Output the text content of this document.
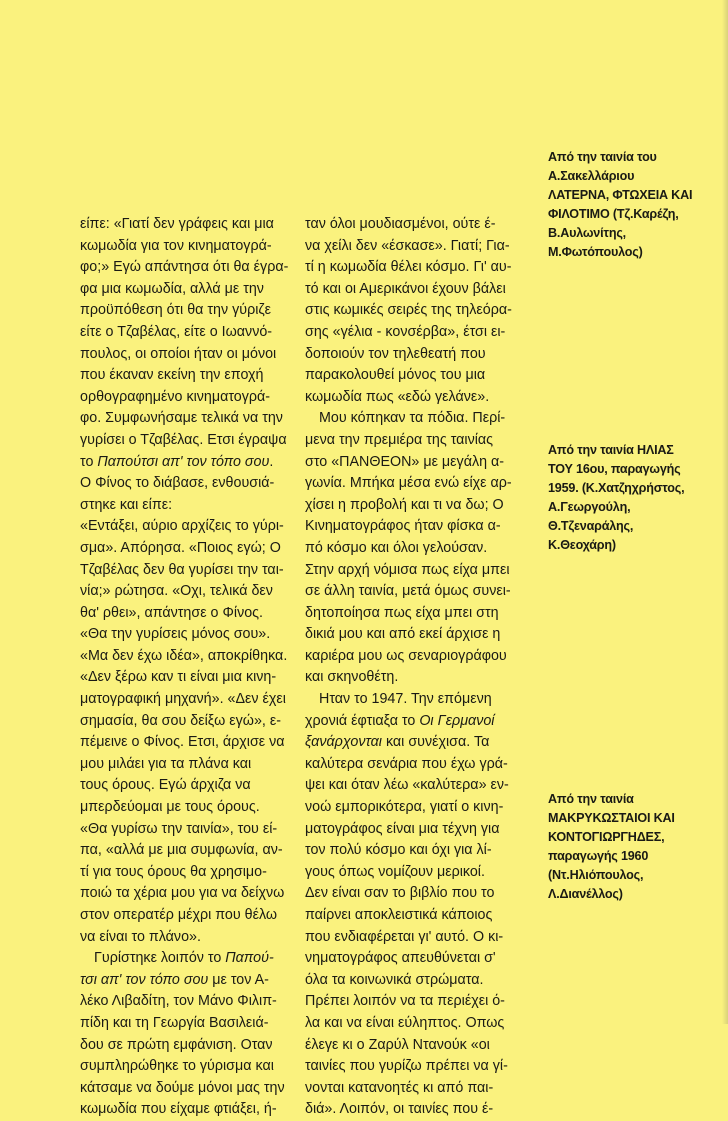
είπε: «Γιατί δεν γράφεις και μια
κωμωδία για τον κινηματογρά-
φο;» Εγώ απάντησα ότι θα έγρα-
φα μια κωμωδία, αλλά με την
προϋπόθεση ότι θα την γύριζε
είτε ο Τζαβέλας, είτε ο Ιωαννό-
πουλος, οι οποίοι ήταν οι μόνοι
που έκαναν εκείνη την εποχή
ορθογραφημένο κινηματογρά-
φο. Συμφωνήσαμε τελικά να την
γυρίσει ο Τζαβέλας. Ετσι έγραψα
το Παπούτσι απ' τον τόπο σου.
Ο Φίνος το διάβασε, ενθουσιά-
στηκε και είπε:
«Εντάξει, αύριο αρχίζεις το γύρι-
σμα». Απόρησα. «Ποιος εγώ; Ο
Τζαβέλας δεν θα γυρίσει την ται-
νία;» ρώτησα. «Οχι, τελικά δεν
θα' ρθει», απάντησε ο Φίνος.
«Θα την γυρίσεις μόνος σου».
«Μα δεν έχω ιδέα», αποκρίθηκα.
«Δεν ξέρω καν τι είναι μια κινη-
ματογραφική μηχανή». «Δεν έχει
σημασία, θα σου δείξω εγώ», ε-
πέμεινε ο Φίνος. Ετσι, άρχισε να
μου μιλάει για τα πλάνα και
τους όρους. Εγώ άρχιζα να
μπερδεύομαι με τους όρους.
«Θα γυρίσω την ταινία», του εί-
πα, «αλλά με μια συμφωνία, αν-
τί για τους όρους θα χρησιμο-
ποιώ τα χέρια μου για να δείχνω
στον οπερατέρ μέχρι που θέλω
να είναι το πλάνο».
Γυρίστηκε λοιπόν το Παπού-
τσι απ' τον τόπο σου με τον Α-
λέκο Λιβαδίτη, τον Μάνο Φιλιπ-
πίδη και τη Γεωργία Βασιλειά-
δου σε πρώτη εμφάνιση. Οταν
συμπληρώθηκε το γύρισμα και
κάτσαμε να δούμε μόνοι μας την
κωμωδία που είχαμε φτιάξει, ή-
ταν όλοι μουδιασμένοι, ούτε έ-
να χείλι δεν «έσκασε». Γιατί; Για-
τί η κωμωδία θέλει κόσμο. Γι' αυ-
τό και οι Αμερικάνοι έχουν βάλει
στις κωμικές σειρές της τηλεόρα-
σης «γέλια - κονσέρβα», έτσι ει-
δοποιούν τον τηλεθεατή που
παρακολουθεί μόνος του μια
κωμωδία πως «εδώ γελάνε».
Μου κόπηκαν τα πόδια. Περί-
μενα την πρεμιέρα της ταινίας
στο «ΠΑΝΘΕΟΝ» με μεγάλη α-
γωνία. Μπήκα μέσα ενώ είχε αρ-
χίσει η προβολή και τι να δω; Ο
Κινηματογράφος ήταν φίσκα α-
πό κόσμο και όλοι γελούσαν.
Στην αρχή νόμισα πως είχα μπει
σε άλλη ταινία, μετά όμως συνει-
δητοποίησα πως είχα μπει στη
δικιά μου και από εκεί άρχισε η
καριέρα μου ως σεναριογράφου
και σκηνοθέτη.
Ηταν το 1947. Την επόμενη
χρονιά έφτιαξα το Οι Γερμανοί
ξανάρχονται και συνέχισα. Τα
καλύτερα σενάρια που έχω γρά-
ψει και όταν λέω «καλύτερα» εν-
νοώ εμπορικότερα, γιατί ο κινη-
ματογράφος είναι μια τέχνη για
τον πολύ κόσμο και όχι για λί-
γους όπως νομίζουν μερικοί.
Δεν είναι σαν το βιβλίο που το
παίρνει αποκλειστικά κάποιος
που ενδιαφέρεται γι' αυτό. Ο κι-
νηματογράφος απευθύνεται σ'
όλα τα κοινωνικά στρώματα.
Πρέπει λοιπόν να τα περιέχει ό-
λα και να είναι εύληπτος. Οπως
έλεγε κι ο Ζαρύλ Ντανούκ «οι
ταινίες που γυρίζω πρέπει να γί-
νονται κατανοητές κι από παι-
διά». Λοιπόν, οι ταινίες που έ-
Από την ταινία του
Α.Σακελλάριου
ΛΑΤΕΡΝΑ, ΦΤΩΧΕΙΑ ΚΑΙ
ΦΙΛΟΤΙΜΟ (Τζ.Καρέζη,
Β.Αυλωνίτης,
Μ.Φωτόπουλος)
Από την ταινία ΗΛΙΑΣ
ΤΟΥ 16ου, παραγωγής
1959. (Κ.Χατζηχρήστος,
Α.Γεωργούλη,
Θ.Τζεναράλης,
Κ.Θεοχάρη)
Από την ταινία
ΜΑΚΡΥΚΩΣΤΑΙΟΙ ΚΑΙ
ΚΟΝΤΟΓΙΩΡΓΗΔΕΣ,
παραγωγής 1960
(Ντ.Ηλιόπουλος,
Λ.Διανέλλος)
